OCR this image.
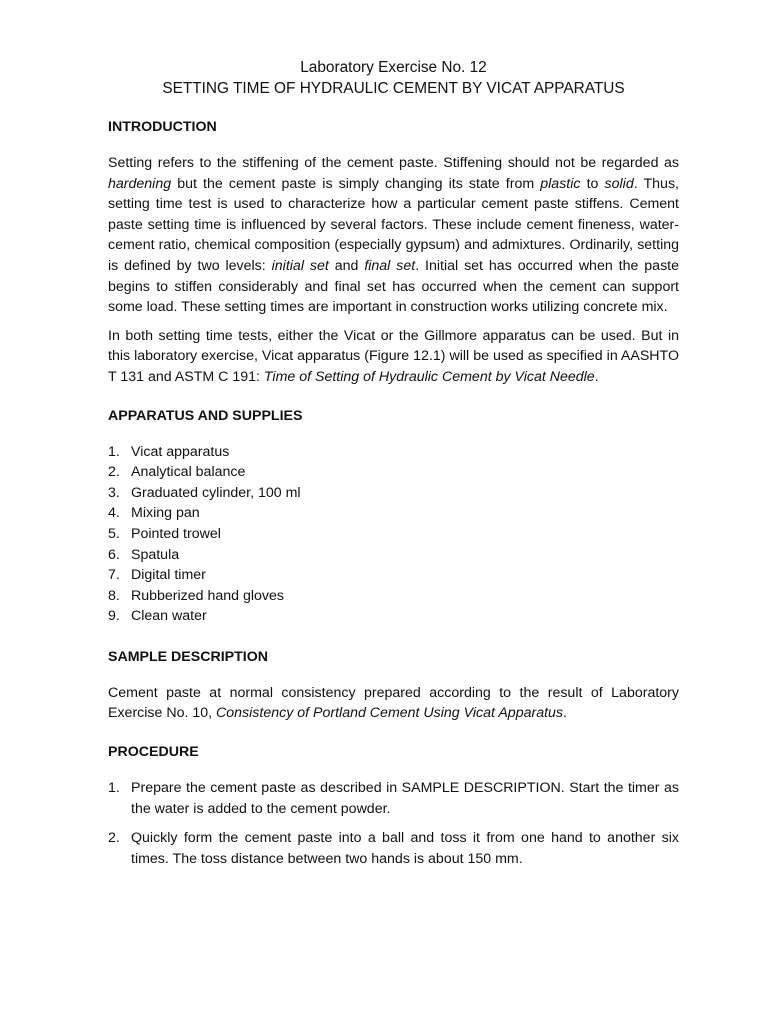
Laboratory Exercise No. 12

SETTING TIME OF HYDRAULIC CEMENT BY VICAT APPARATUS

INTRODUCTION

Setting refers to the stiffening of the cement paste. Stiffening should not be regarded as hardening but the cement paste is simply changing its state from plastic to solid. Thus, setting time test is used to characterize how a particular cement paste stiffens. Cement paste setting time is influenced by several factors. These include cement fineness, water-cement ratio, chemical composition (especially gypsum) and admixtures. Ordinarily, setting is defined by two levels: initial set and final set. Initial set has occurred when the paste begins to stiffen considerably and final set has occurred when the cement can support some load. These setting times are important in construction works utilizing concrete mix.

In both setting time tests, either the Vicat or the Gillmore apparatus can be used. But in this laboratory exercise, Vicat apparatus (Figure 12.1) will be used as specified in AASHTO T 131 and ASTM C 191: Time of Setting of Hydraulic Cement by Vicat Needle.

APPARATUS AND SUPPLIES
1. Vicat apparatus
2. Analytical balance
3. Graduated cylinder, 100 ml
4. Mixing pan
5. Pointed trowel
6. Spatula
7. Digital timer
8. Rubberized hand gloves
9. Clean water
SAMPLE DESCRIPTION

Cement paste at normal consistency prepared according to the result of Laboratory Exercise No. 10, Consistency of Portland Cement Using Vicat Apparatus.

PROCEDURE
1. Prepare the cement paste as described in SAMPLE DESCRIPTION. Start the timer as the water is added to the cement powder.
2. Quickly form the cement paste into a ball and toss it from one hand to another six times. The toss distance between two hands is about 150 mm.
